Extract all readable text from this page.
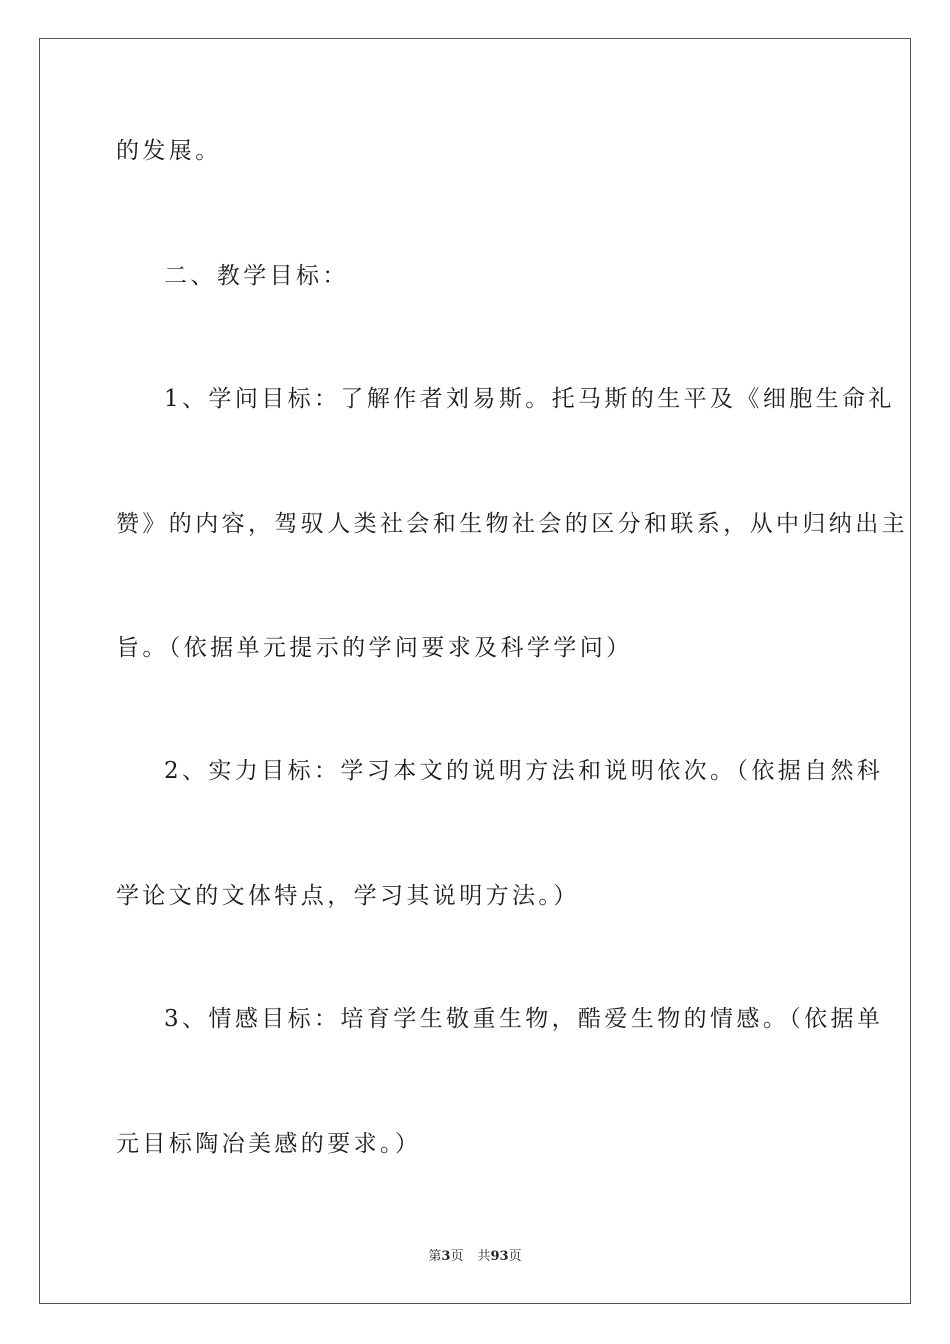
的发展。
二、教学目标：
1、学问目标：了解作者刘易斯。托马斯的生平及《细胞生命礼
赞》的内容，驾驭人类社会和生物社会的区分和联系，从中归纳出主
旨。（依据单元提示的学问要求及科学学问）
2、实力目标：学习本文的说明方法和说明依次。（依据自然科
学论文的文体特点，学习其说明方法。）
3、情感目标：培育学生敬重生物，酷爱生物的情感。（依据单
元目标陶冶美感的要求。）
第3页 共93页
